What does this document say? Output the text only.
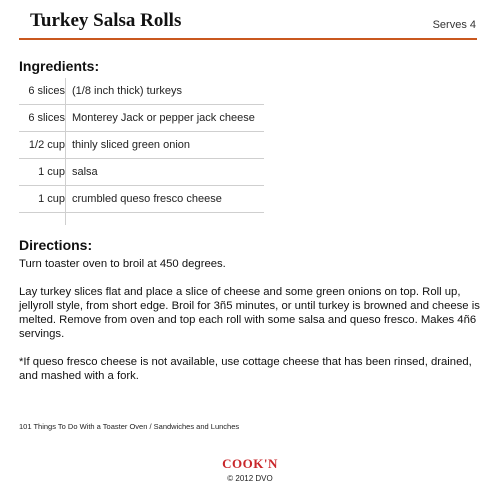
Turkey Salsa Rolls	Serves 4
Ingredients:
6 slices	(1/8 inch thick) turkeys
6 slices	Monterey Jack or pepper jack cheese
1/2 cup	thinly sliced green onion
1 cup	salsa
1 cup	crumbled queso fresco cheese

Directions:

Turn toaster oven to broil at 450 degrees.

Lay turkey slices flat and place a slice of cheese and some green onions on top. Roll up, jellyroll style, from short edge. Broil for 3ñ5 minutes, or until turkey is browned and cheese is melted. Remove from oven and top each roll with some salsa and queso fresco. Makes 4ñ6 servings.

*If queso fresco cheese is not available, use cottage cheese that has been rinsed, drained, and mashed with a fork.

101 Things To Do With a Toaster Oven / Sandwiches and Lunches
COOK'N
© 2012 DVO
